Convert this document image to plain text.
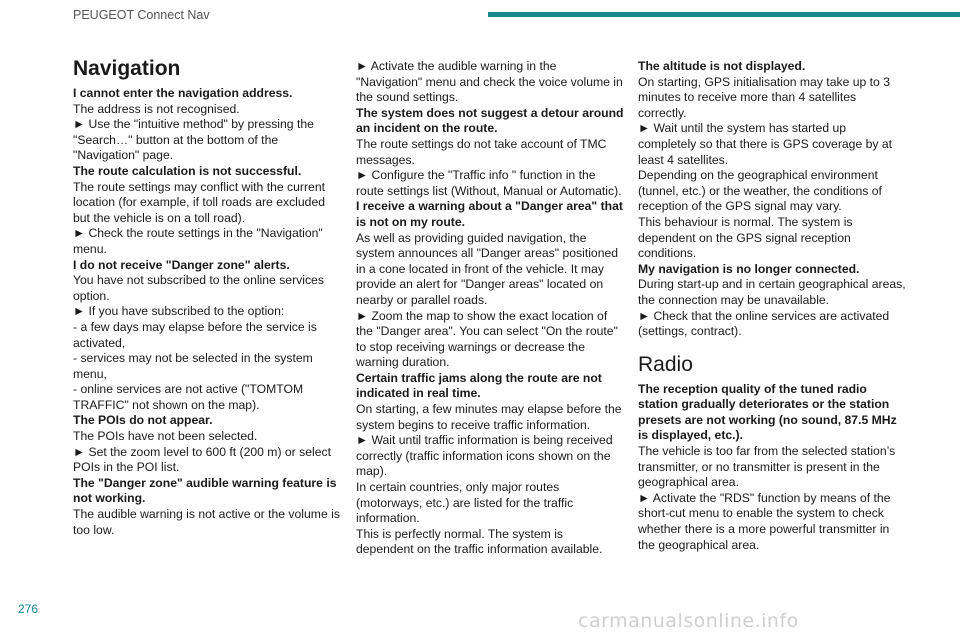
PEUGEOT Connect Nav
Navigation

I cannot enter the navigation address.

The address is not recognised.

► Use the "intuitive method" by pressing the "Search…" button at the bottom of the "Navigation" page.

The route calculation is not successful.

The route settings may conflict with the current location (for example, if toll roads are excluded but the vehicle is on a toll road).

► Check the route settings in the "Navigation" menu.

I do not receive "Danger zone" alerts.

You have not subscribed to the online services option.

► If you have subscribed to the option:

- a few days may elapse before the service is activated,

- services may not be selected in the system menu,

- online services are not active ("TOMTOM TRAFFIC" not shown on the map).

The POIs do not appear.

The POIs have not been selected.

► Set the zoom level to 600 ft (200 m) or select POIs in the POI list.

The "Danger zone" audible warning feature is not working.

The audible warning is not active or the volume is too low.

► Activate the audible warning in the "Navigation" menu and check the voice volume in the sound settings.

The system does not suggest a detour around an incident on the route.

The route settings do not take account of TMC messages.

► Configure the "Traffic info " function in the route settings list (Without, Manual or Automatic).

I receive a warning about a "Danger area" that is not on my route.

As well as providing guided navigation, the system announces all "Danger areas" positioned in a cone located in front of the vehicle. It may provide an alert for "Danger areas" located on nearby or parallel roads.

► Zoom the map to show the exact location of the "Danger area". You can select "On the route" to stop receiving warnings or decrease the warning duration.

Certain traffic jams along the route are not indicated in real time.

On starting, a few minutes may elapse before the system begins to receive traffic information.

► Wait until traffic information is being received correctly (traffic information icons shown on the map).

In certain countries, only major routes (motorways, etc.) are listed for the traffic information.

This is perfectly normal. The system is dependent on the traffic information available.

The altitude is not displayed.

On starting, GPS initialisation may take up to 3 minutes to receive more than 4 satellites correctly.

► Wait until the system has started up completely so that there is GPS coverage by at least 4 satellites.

Depending on the geographical environment (tunnel, etc.) or the weather, the conditions of reception of the GPS signal may vary.

This behaviour is normal. The system is dependent on the GPS signal reception conditions.

My navigation is no longer connected.

During start-up and in certain geographical areas, the connection may be unavailable.

► Check that the online services are activated (settings, contract).

Radio

The reception quality of the tuned radio station gradually deteriorates or the station presets are not working (no sound, 87.5 MHz is displayed, etc.).

The vehicle is too far from the selected station’s transmitter, or no transmitter is present in the geographical area.

► Activate the "RDS" function by means of the short-cut menu to enable the system to check whether there is a more powerful transmitter in the geographical area.

276
carmanualsonline.info
